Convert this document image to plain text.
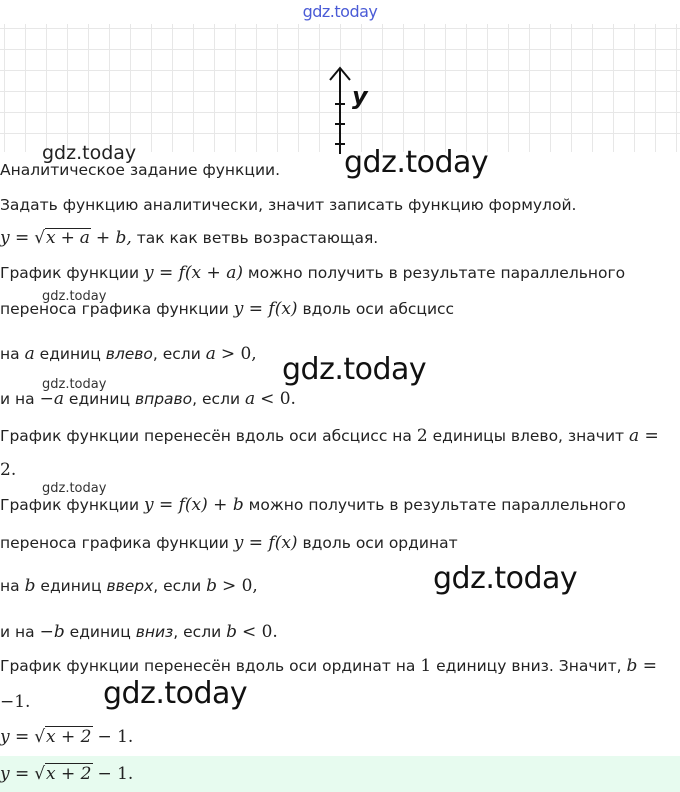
gdz.today
y
gdz.today	gdz.today
gdz.today
gdz.today
gdz.today
gdz.today
gdz.today
gdz.today
Аналитическое задание функции.
Задать функцию аналитически, значит записать функцию формулой.
y = √x + a + b, так как ветвь возрастающая.
График функции y = f(x + a) можно получить в результате параллельного
переноса графика функции y = f(x) вдоль оси абсцисс
на a единиц влево, если a > 0,
и на −a единиц вправо, если a < 0.
График функции перенесён вдоль оси абсцисс на 2 единицы влево, значит a =
2.
График функции y = f(x) + b можно получить в результате параллельного
переноса графика функции y = f(x) вдоль оси ординат
на b единиц вверх, если b > 0,
и на −b единиц вниз, если b < 0.
График функции перенесён вдоль оси ординат на 1 единицу вниз. Значит, b =
−1.
y = √x + 2 − 1.
y = √x + 2 − 1.
